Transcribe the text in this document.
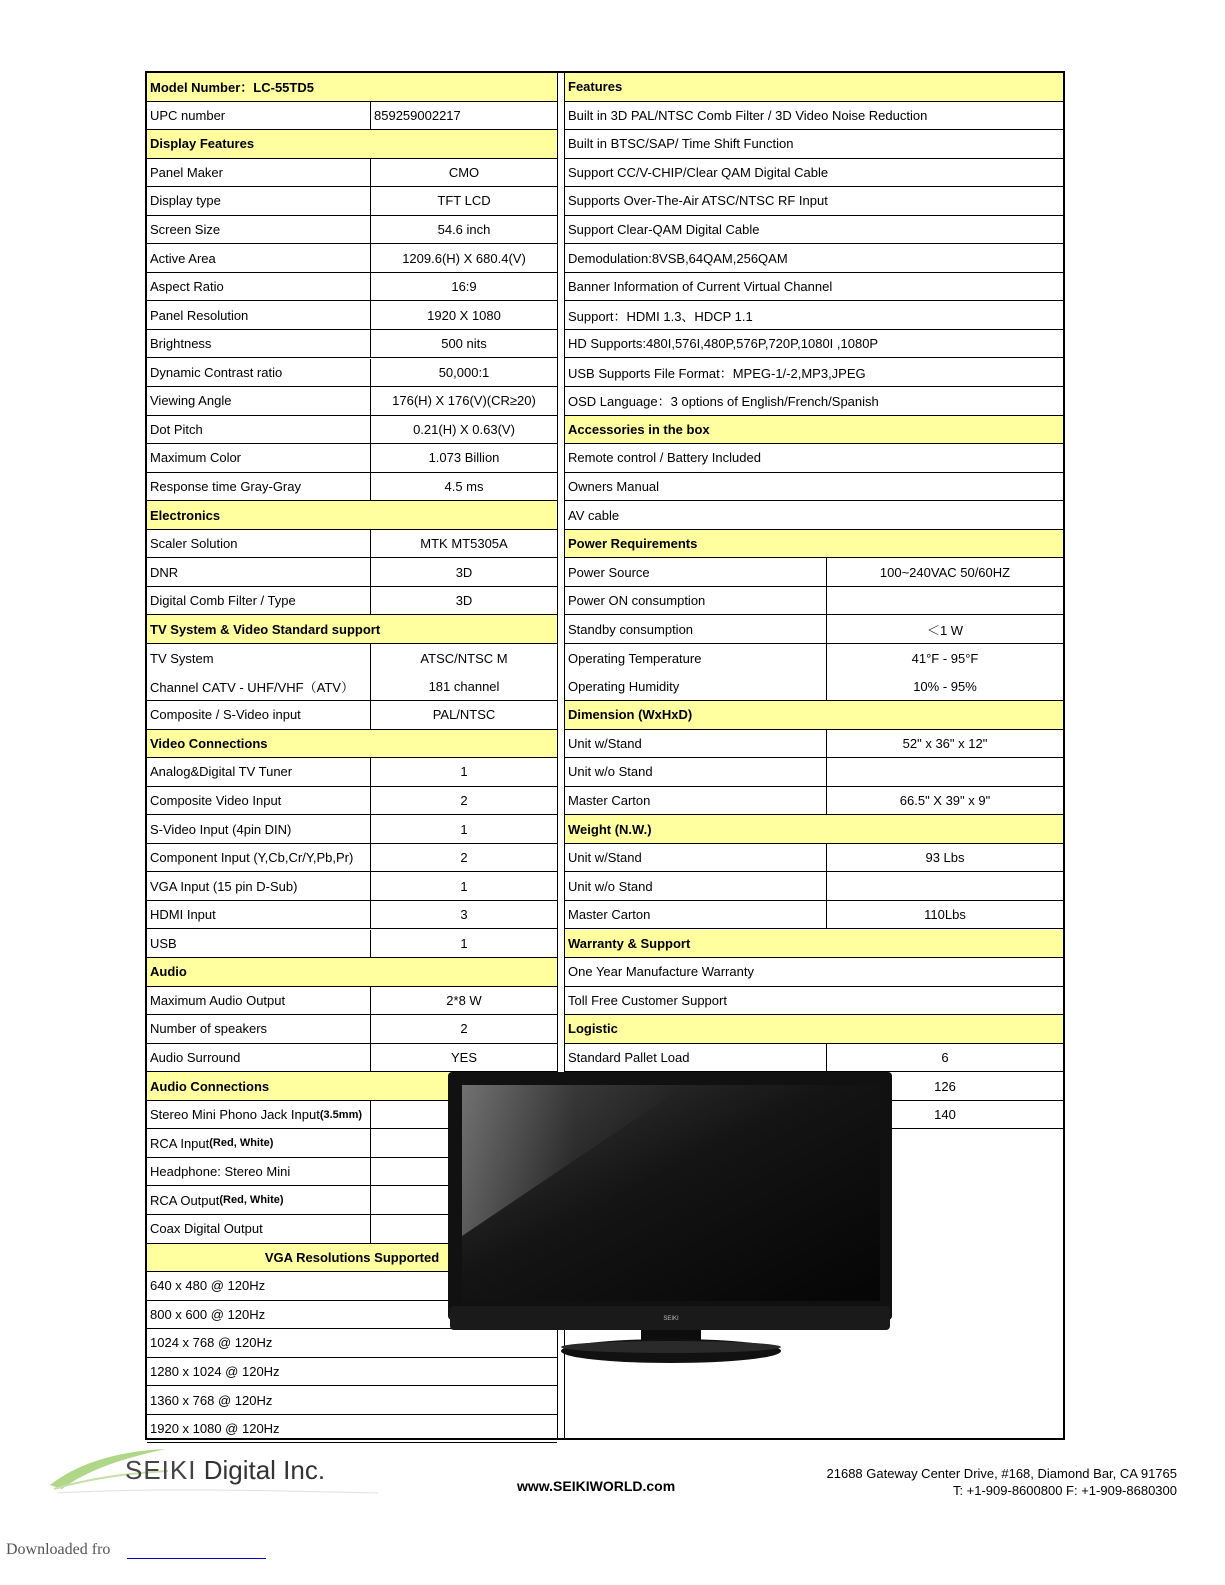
Model Number：LC-55TD5
UPC number	85925900221​7
Display Features
Panel Maker	CMO
Display type	TFT LCD
Screen Size	54.6 inch
Active Area	1209.6(H) X 680.4(V)
Aspect Ratio	16:9
Panel Resolution	1920 X 1080
Brightness	500 nits
Dynamic Contrast ratio	50,000:1
Viewing Angle	176(H) X 176(V)(CR≥20)
Dot Pitch	0.21(H) X 0.63(V)
Maximum Color	1.073 Billion
Response time Gray-Gray	4.5 ms
Electronics
Scaler Solution	MTK MT5305A
DNR	3D
Digital Comb Filter / Type	3D
TV System & Video Standard support
TV System	ATSC/NTSC M
Channel CATV - UHF/VHF（ATV）	181 channel
Composite / S-Video input	PAL/NTSC
Video Connections
Analog&Digital TV Tuner	1
Composite Video Input	2
S-Video Input (4pin DIN)	1
Component Input (Y,Cb,Cr/Y,Pb,Pr)	2
VGA Input (15 pin D-Sub)	1
HDMI Input	3
USB	1
Audio
Maximum Audio Output	2*8 W
Number of speakers	2
Audio Surround	YES
Audio Connections
Stereo Mini Phono Jack Input (3.5mm)
RCA Input (Red, White)
Headphone: Stereo Mini
RCA Output (Red, White)
Coax Digital Output
VGA Resolutions Supported
640 x 480 @ 120Hz
800 x 600 @ 120Hz
1024 x 768 @ 120Hz
1280 x 1024 @ 120Hz
1360 x 768 @ 120Hz
1920 x 1080 @ 120Hz
Features
Built in 3D PAL/NTSC Comb Filter / 3D Video Noise Reduction
Built in BTSC/SAP/ Time Shift Function
Support CC/V-CHIP/Clear QAM Digital Cable
Supports Over-The-Air ATSC/NTSC RF Input
Support Clear-QAM Digital Cable
Demodulation:8VSB,64QAM,256QAM
Banner Information of Current Virtual Channel
Support：HDMI 1.3、HDCP 1.1
HD Supports:480I,576I,480P,576P,720P,1080I ,1080P
USB Supports File Format：MPEG-1/-2,MP3,JPEG
OSD Language：3 options of English/French/Spanish
Accessories in the box
Remote control / Battery Included
Owners Manual
AV cable
Power Requirements
Power Source	100~240VAC 50/60HZ
Power ON consumption
Standby consumption	＜1 W
Operating Temperature	41°F - 95°F
Operating Humidity	10% - 95%
Dimension (WxHxD)
Unit w/Stand	52" x 36" x 12"
Unit w/o Stand
Master Carton	66.5" X 39" x 9"
Weight (N.W.)
Unit w/Stand	93 Lbs
Unit w/o Stand
Master Carton	110Lbs
Warranty & Support
One Year Manufacture Warranty
Toll Free Customer Support
Logistic
Standard Pallet Load	6
126
140
SEIKI
SEIKI Digital Inc.
www.SEIKIWORLD.com
21688 Gateway Center Drive, #168, Diamond Bar, CA 91765
T: +1-909-8600800 F: +1-909-8680300
Downloaded fro
